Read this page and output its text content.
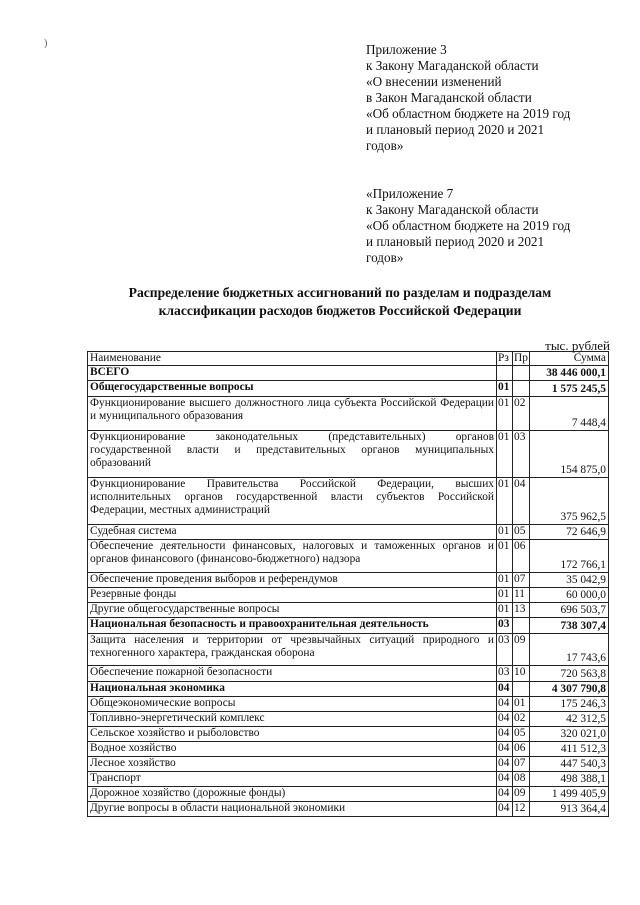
Приложение 3
к Закону Магаданской области
«О внесении изменений
в Закон Магаданской области
«Об областном бюджете на 2019 год
и плановый период 2020 и 2021
годов»
«Приложение 7
к Закону Магаданской области
«Об областном бюджете на 2019 год
и плановый период 2020 и 2021
годов»
Распределение бюджетных ассигнований по разделам и подразделам
классификации расходов бюджетов Российской Федерации
тыс. рублей
Наименование	Рз	Пр	Сумма
ВСЕГО			38 446 000,1
Общегосударственные вопросы	01		1 575 245,5
Функционирование высшего должностного лица субъекта Российской Федерации и муниципального образования	01	02	7 448,4
Функционирование законодательных (представительных) органов государственной власти и представительных органов муниципальных образований	01	03	154 875,0
Функционирование Правительства Российской Федерации, высших исполнительных органов государственной власти субъектов Российской Федерации, местных администраций	01	04	375 962,5
Судебная система	01	05	72 646,9
Обеспечение деятельности финансовых, налоговых и таможенных органов и органов финансового (финансово-бюджетного) надзора	01	06	172 766,1
Обеспечение проведения выборов и референдумов	01	07	35 042,9
Резервные фонды	01	11	60 000,0
Другие общегосударственные вопросы	01	13	696 503,7
Национальная безопасность и правоохранительная деятельность	03		738 307,4
Защита населения и территории от чрезвычайных ситуаций природного и техногенного характера, гражданская оборона	03	09	17 743,6
Обеспечение пожарной безопасности	03	10	720 563,8
Национальная экономика	04		4 307 790,8
Общеэкономические вопросы	04	01	175 246,3
Топливно-энергетический комплекс	04	02	42 312,5
Сельское хозяйство и рыболовство	04	05	320 021,0
Водное хозяйство	04	06	411 512,3
Лесное хозяйство	04	07	447 540,3
Транспорт	04	08	498 388,1
Дорожное хозяйство (дорожные фонды)	04	09	1 499 405,9
Другие вопросы в области национальной экономики	04	12	913 364,4
)
